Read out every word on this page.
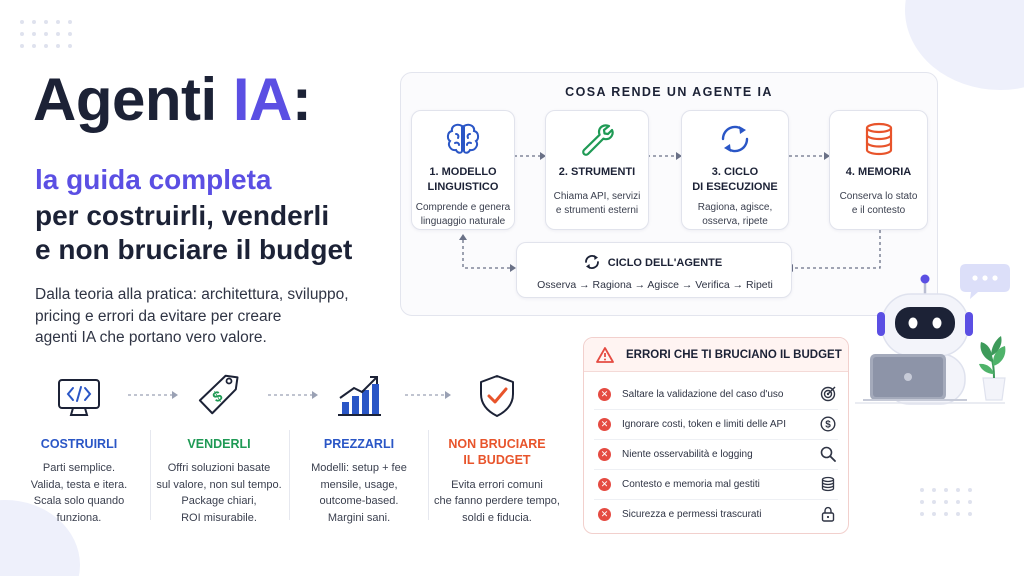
Agenti IA:
la guida completa
per costruirli, venderli
e non bruciare il budget
Dalla teoria alla pratica: architettura, sviluppo,
pricing e errori da evitare per creare
agenti IA che portano vero valore.
COSTRUIRLI
Parti semplice.
Valida, testa e itera.
Scala solo quando
funziona.
$
VENDERLI
Offri soluzioni basate
sul valore, non sul tempo.
Package chiari,
ROI misurabile.
PREZZARLI
Modelli: setup + fee
mensile, usage,
outcome-based.
Margini sani.
NON BRUCIARE
IL BUDGET
Evita errori comuni
che fanno perdere tempo,
soldi e fiducia.
COSA RENDE UN AGENTE IA
1. MODELLO
LINGUISTICO
Comprende e genera
linguaggio naturale
2. STRUMENTI
Chiama API, servizi
e strumenti esterni
3. CICLO
DI ESECUZIONE
Ragiona, agisce,
osserva, ripete
4. MEMORIA
Conserva lo stato
e il contesto
CICLO DELL'AGENTE
Osserva → Ragiona → Agisce → Verifica → Ripeti
ERRORI CHE TI BRUCIANO IL BUDGET
✕ Saltare la validazione del caso d'uso
✕ Ignorare costi, token e limiti delle API	$
✕ Niente osservabilità e logging
✕ Contesto e memoria mal gestiti
✕ Sicurezza e permessi trascurati
